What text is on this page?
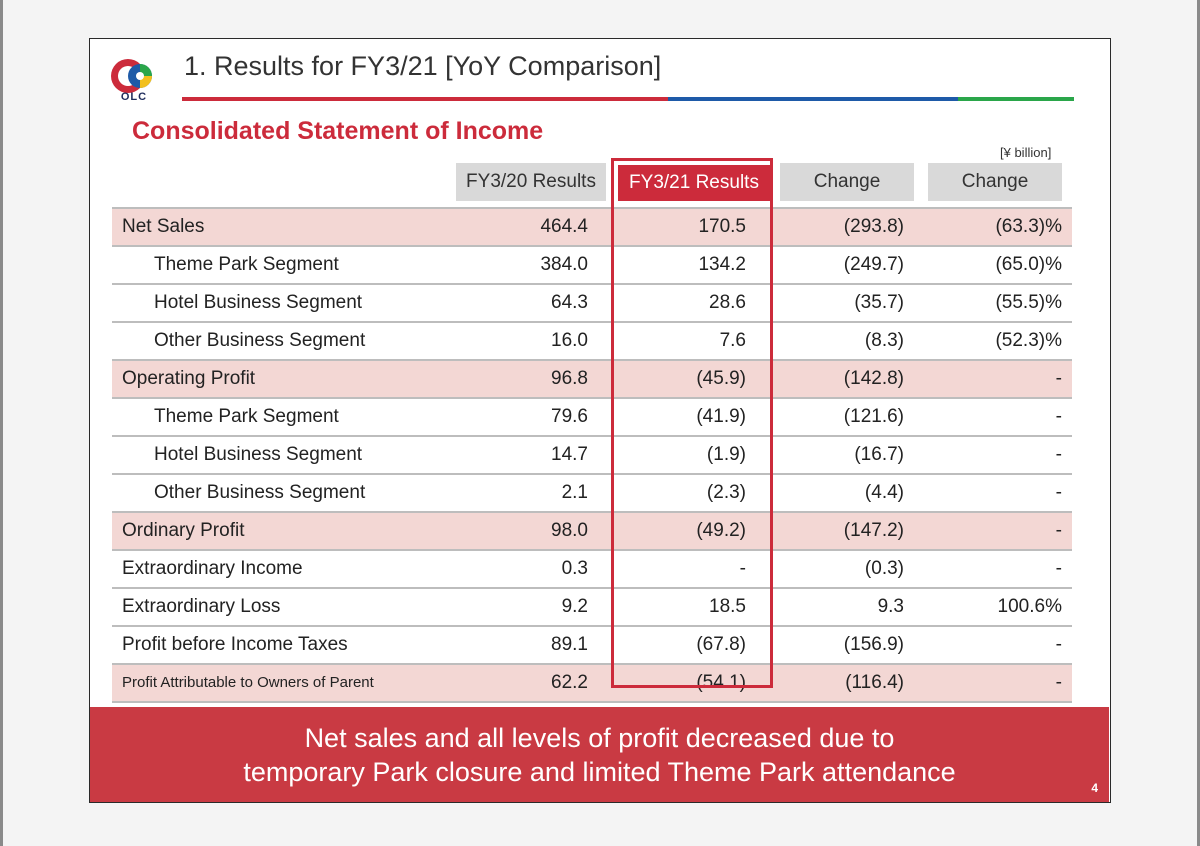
OLC
1. Results for FY3/21 [YoY Comparison]
Consolidated Statement of Income
[¥ billion]
FY3/20 Results	FY3/21 Results	Change	Change
Net Sales	464.4	170.5	(293.8)	(63.3)%
Theme Park Segment	384.0	134.2	(249.7)	(65.0)%
Hotel Business Segment	64.3	28.6	(35.7)	(55.5)%
Other Business Segment	16.0	7.6	(8.3)	(52.3)%
Operating Profit	96.8	(45.9)	(142.8)	-
Theme Park Segment	79.6	(41.9)	(121.6)	-
Hotel Business Segment	14.7	(1.9)	(16.7)	-
Other Business Segment	2.1	(2.3)	(4.4)	-
Ordinary Profit	98.0	(49.2)	(147.2)	-
Extraordinary Income	0.3	-	(0.3)	-
Extraordinary Loss	9.2	18.5	9.3	100.6%
Profit before Income Taxes	89.1	(67.8)	(156.9)	-
Profit Attributable to Owners of Parent	62.2	(54.1)	(116.4)	-
Net sales and all levels of profit decreased due to
temporary Park closure and limited Theme Park attendance
4
